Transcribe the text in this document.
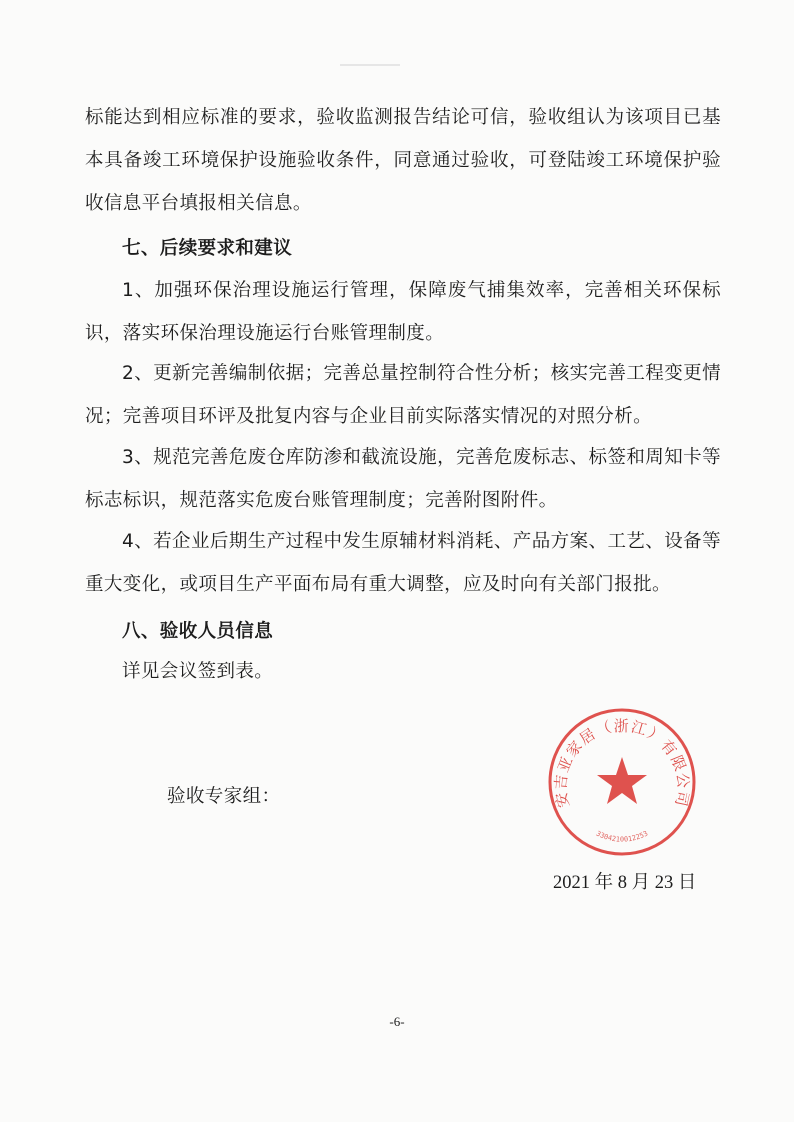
标能达到相应标准的要求，验收监测报告结论可信，验收组认为该项目已基本具备竣工环境保护设施验收条件，同意通过验收，可登陆竣工环境保护验收信息平台填报相关信息。

七、后续要求和建议

1、加强环保治理设施运行管理，保障废气捕集效率，完善相关环保标识，落实环保治理设施运行台账管理制度。

2、更新完善编制依据；完善总量控制符合性分析；核实完善工程变更情况；完善项目环评及批复内容与企业目前实际落实情况的对照分析。

3、规范完善危废仓库防渗和截流设施，完善危废标志、标签和周知卡等标志标识，规范落实危废台账管理制度；完善附图附件。

4、若企业后期生产过程中发生原辅材料消耗、产品方案、工艺、设备等重大变化，或项目生产平面布局有重大调整，应及时向有关部门报批。

八、验收人员信息

详见会议签到表。

验收专家组：	安吉亚家居（浙江）有限公司
3304210012253
2021 年 8 月 23 日
-6-
